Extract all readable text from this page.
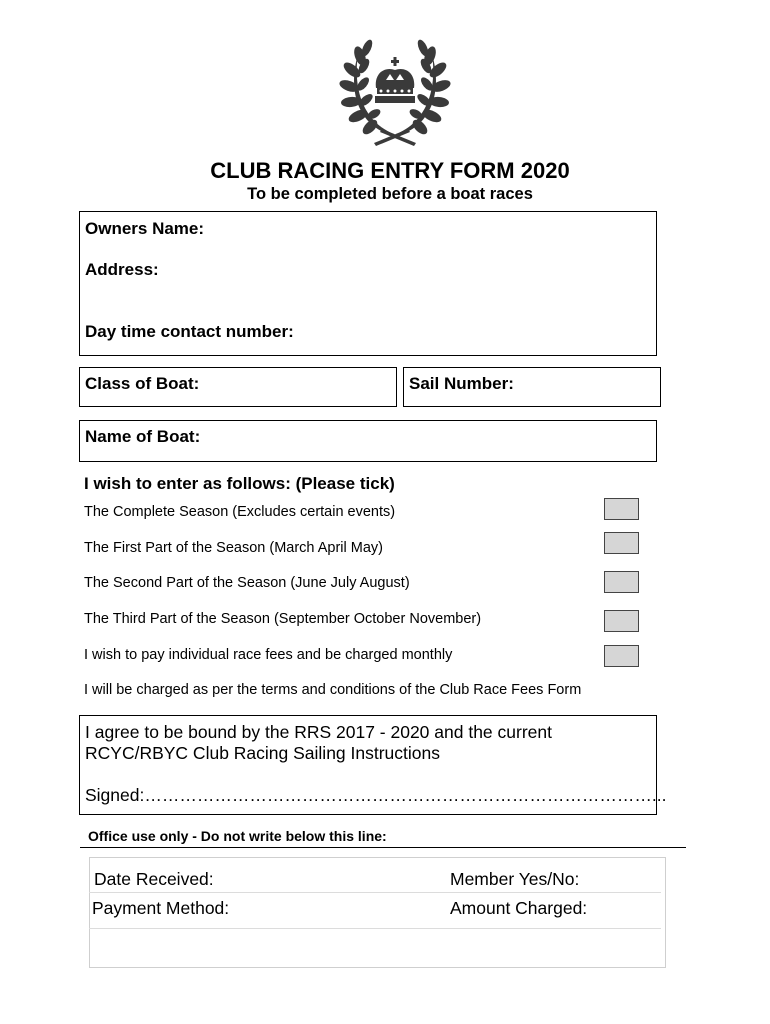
CLUB RACING ENTRY FORM 2020
To be completed before a boat races
Owners Name:
Address:
Day time contact number:
Class of Boat:	Sail Number:
Name of Boat:
I wish to enter as follows: (Please tick)
The Complete Season (Excludes certain events)
The First Part of the Season (March April May)
The Second Part of the Season (June July August)
The Third Part of the Season (September October November)
I wish to pay individual race fees and be charged monthly
I will be charged as per the terms and conditions of the Club Race Fees Form
I agree to be bound by the RRS 2017 - 2020 and the current
RCYC/RBYC Club Racing Sailing Instructions
Signed:……………………………………………………………………………...
Office use only - Do not write below this line:
Date Received:	Member Yes/No:
Payment Method:	Amount Charged:
